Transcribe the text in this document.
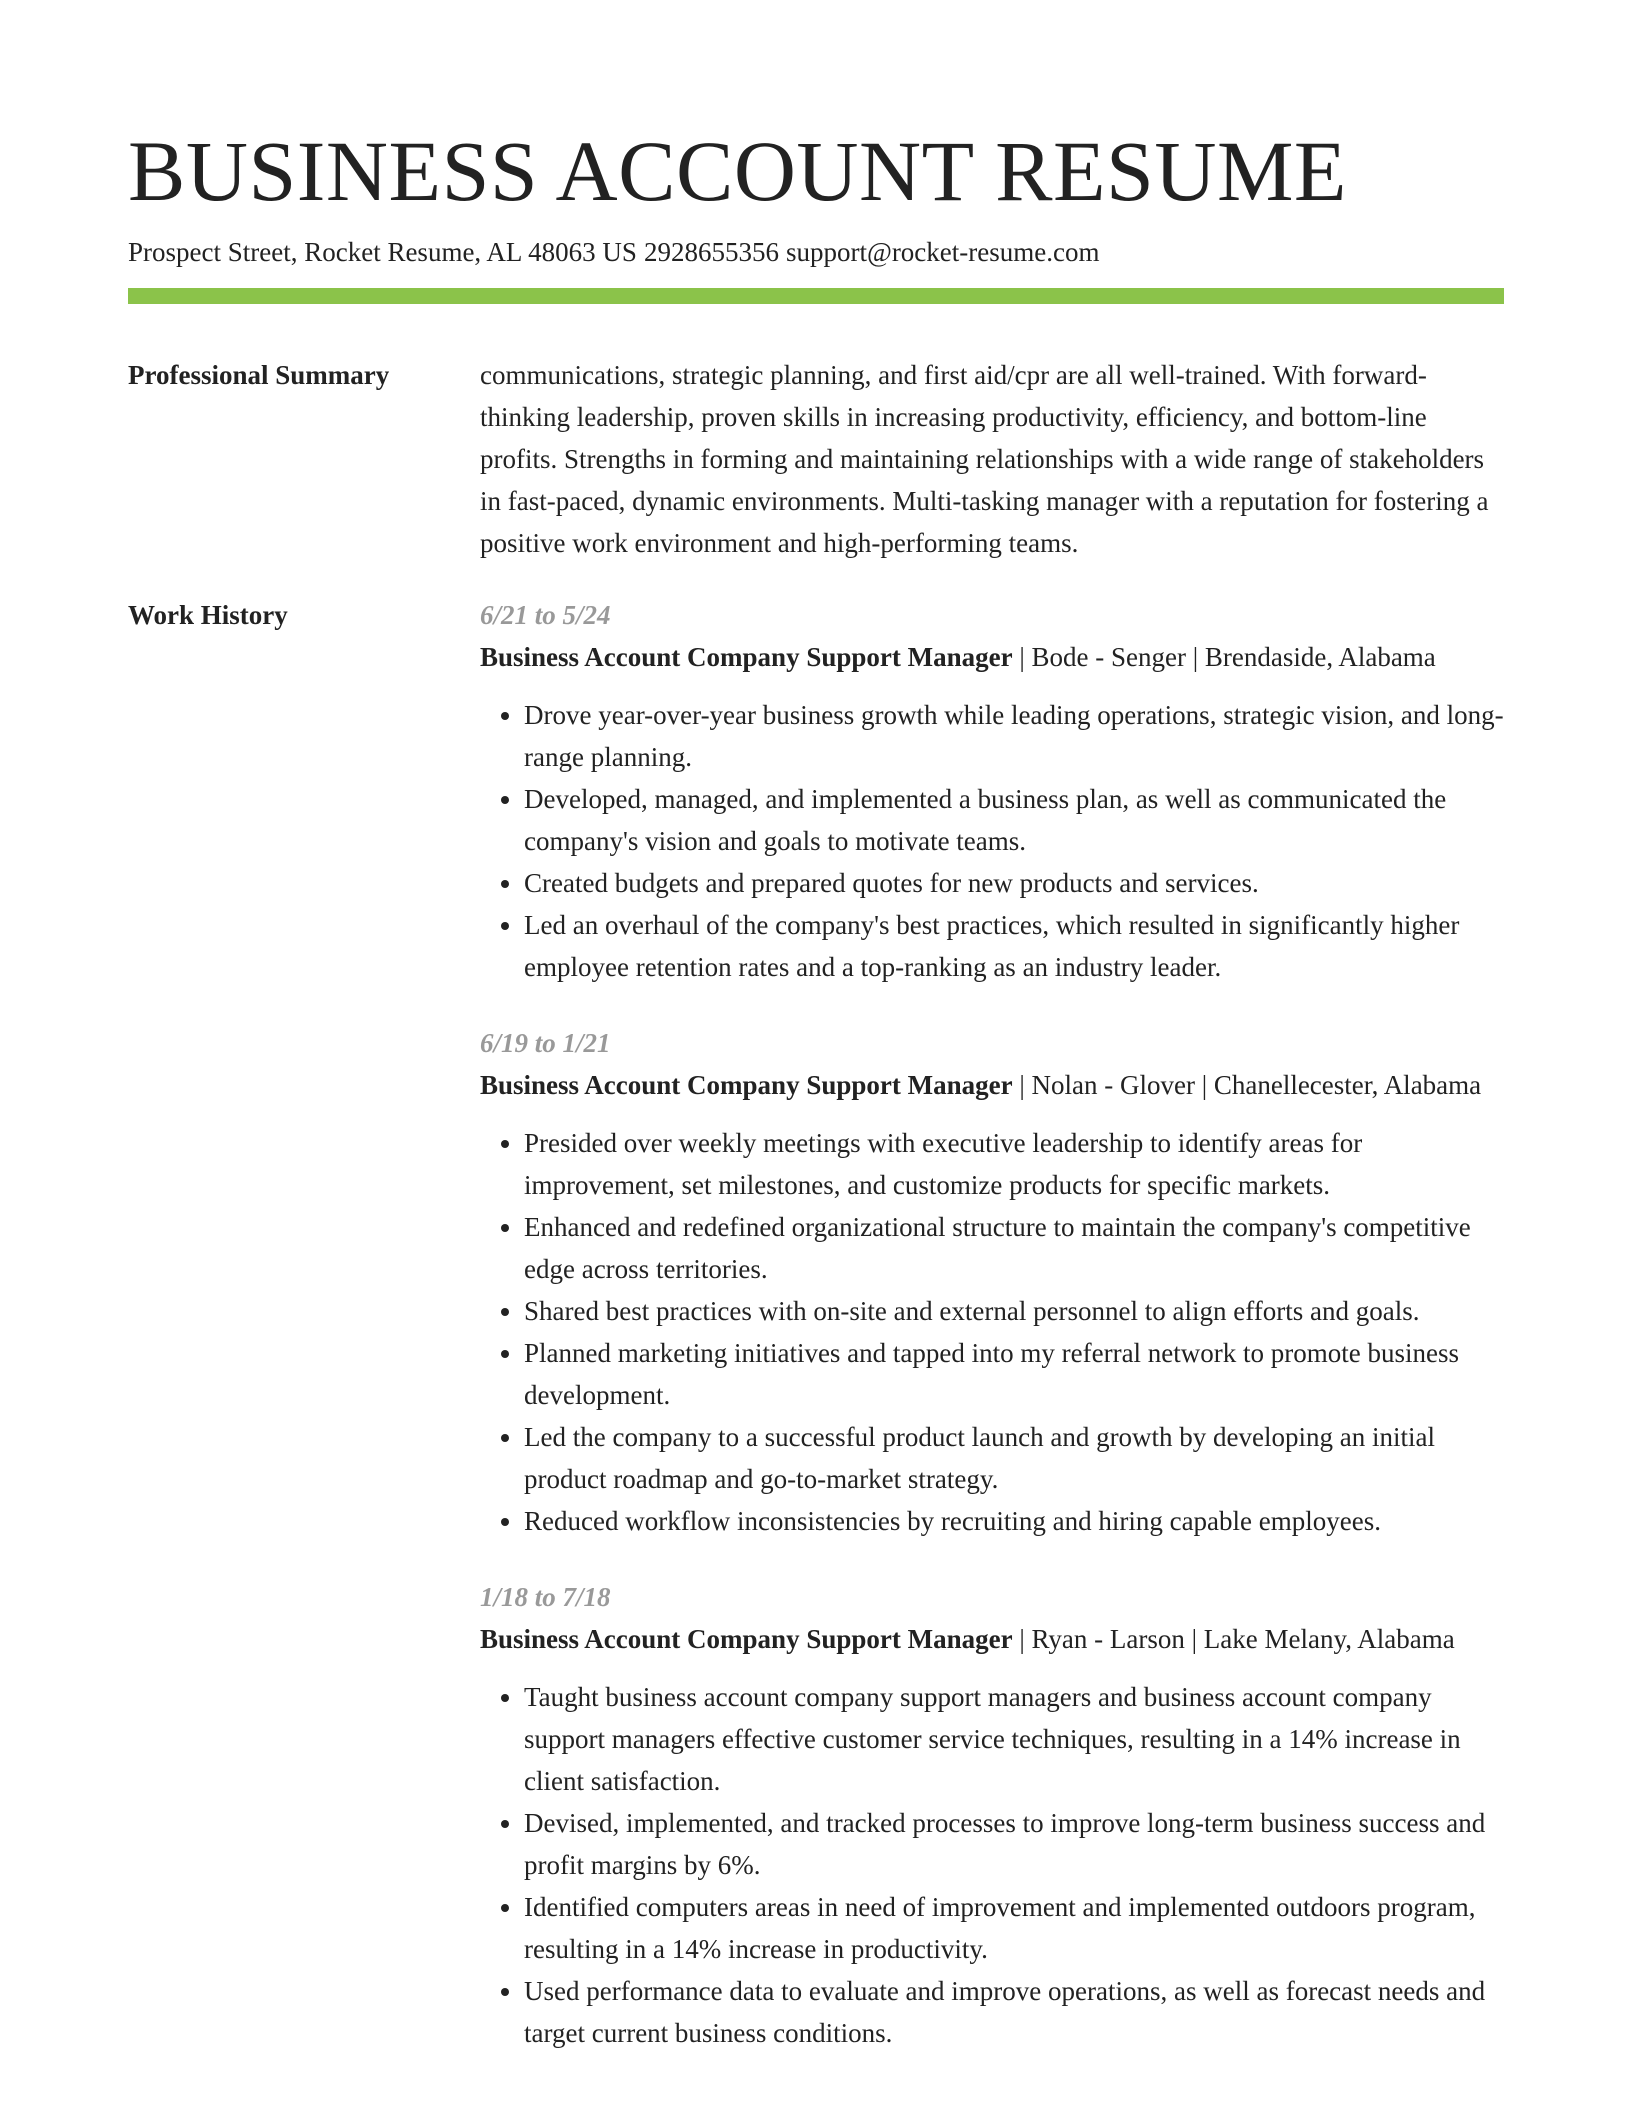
BUSINESS ACCOUNT RESUME
Prospect Street, Rocket Resume, AL 48063 US 2928655356 support@rocket-resume.com
Professional Summary	communications, strategic planning, and first aid/cpr are all well-trained. With forward-thinking leadership, proven skills in increasing productivity, efficiency, and bottom-line profits. Strengths in forming and maintaining relationships with a wide range of stakeholders in fast-paced, dynamic environments. Multi-tasking manager with a reputation for fostering a positive work environment and high-performing teams.
Work History	6/21 to 5/24
Business Account Company Support Manager | Bode - Senger | Brendaside, Alabama
• Drove year-over-year business growth while leading operations, strategic vision, and long-range planning.
• Developed, managed, and implemented a business plan, as well as communicated the company's vision and goals to motivate teams.
• Created budgets and prepared quotes for new products and services.
• Led an overhaul of the company's best practices, which resulted in significantly higher employee retention rates and a top-ranking as an industry leader.
6/19 to 1/21
Business Account Company Support Manager | Nolan - Glover | Chanellecester, Alabama
• Presided over weekly meetings with executive leadership to identify areas for improvement, set milestones, and customize products for specific markets.
• Enhanced and redefined organizational structure to maintain the company's competitive edge across territories.
• Shared best practices with on-site and external personnel to align efforts and goals.
• Planned marketing initiatives and tapped into my referral network to promote business development.
• Led the company to a successful product launch and growth by developing an initial product roadmap and go-to-market strategy.
• Reduced workflow inconsistencies by recruiting and hiring capable employees.
1/18 to 7/18
Business Account Company Support Manager | Ryan - Larson | Lake Melany, Alabama
• Taught business account company support managers and business account company support managers effective customer service techniques, resulting in a 14% increase in client satisfaction.
• Devised, implemented, and tracked processes to improve long-term business success and profit margins by 6%.
• Identified computers areas in need of improvement and implemented outdoors program, resulting in a 14% increase in productivity.
• Used performance data to evaluate and improve operations, as well as forecast needs and target current business conditions.
